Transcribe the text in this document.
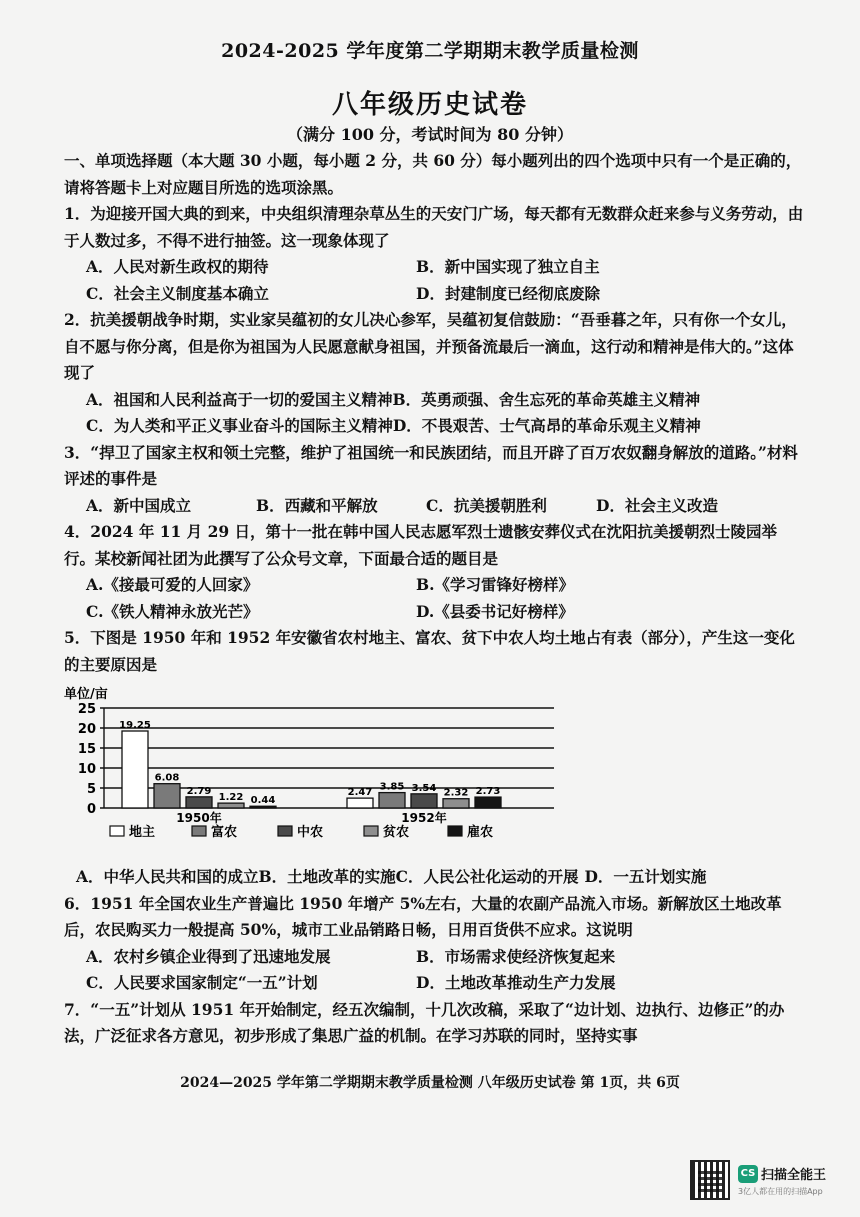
2024-2025 学年度第二学期期末教学质量检测
八年级历史试卷
（满分 100 分，考试时间为 80 分钟）

一、单项选择题（本大题 30 小题，每小题 2 分，共 60 分）每小题列出的四个选项中只有一个是正确的，请将答题卡上对应题目所选的选项涂黑。

1．为迎接开国大典的到来，中央组织清理杂草丛生的天安门广场，每天都有无数群众赶来参与义务劳动，由于人数过多，不得不进行抽签。这一现象体现了

A．人民对新生政权的期待	B．新中国实现了独立自主
C．社会主义制度基本确立	D．封建制度已经彻底废除

2．抗美援朝战争时期，实业家吴蕴初的女儿决心参军，吴蕴初复信鼓励：“吾垂暮之年，只有你一个女儿，自不愿与你分离，但是你为祖国为人民愿意献身祖国，并预备流最后一滴血，这行动和精神是伟大的。”这体现了

A．祖国和人民利益高于一切的爱国主义精神 B．英勇顽强、舍生忘死的革命英雄主义精神
C．为人类和平正义事业奋斗的国际主义精神 D．不畏艰苦、士气高昂的革命乐观主义精神

3．“捍卫了国家主权和领土完整，维护了祖国统一和民族团结，而且开辟了百万农奴翻身解放的道路。”材料评述的事件是

A．新中国成立	B．西藏和平解放	C．抗美援朝胜利	D．社会主义改造

4．2024 年 11 月 29 日，第十一批在韩中国人民志愿军烈士遗骸安葬仪式在沈阳抗美援朝烈士陵园举行。某校新闻社团为此撰写了公众号文章，下面最合适的题目是

A.《接最可爱的人回家》	B.《学习雷锋好榜样》
C.《铁人精神永放光芒》	D.《县委书记好榜样》

5．下图是 1950 年和 1952 年安徽省农村地主、富农、贫下中农人均土地占有表（部分），产生这一变化的主要原因是

单位/亩
0
5
10
15
20
25
19.25
6.08
2.79
1.22 0.44
1950年
2.47
3.85 3.54 2.32 2.73
1952年
地主	富农	中农	贫农	雇农
A．中华人民共和国的成立 B．土地改革的实施 C．人民公社化运动的开展 D．一五计划实施

6．1951 年全国农业生产普遍比 1950 年增产 5%左右，大量的农副产品流入市场。新解放区土地改革后，农民购买力一般提高 50%，城市工业品销路日畅，日用百货供不应求。这说明

A．农村乡镇企业得到了迅速地发展	B．市场需求使经济恢复起来
C．人民要求国家制定“一五”计划	D．土地改革推动生产力发展

7．“一五”计划从 1951 年开始制定，经五次编制，十几次改稿，采取了“边计划、边执行、边修正”的办法，广泛征求各方意见，初步形成了集思广益的机制。在学习苏联的同时，坚持实事

2024—2025 学年第二学期期末教学质量检测 八年级历史试卷 第 1页，共 6页
CS 扫描全能王
3亿人都在用的扫描App
